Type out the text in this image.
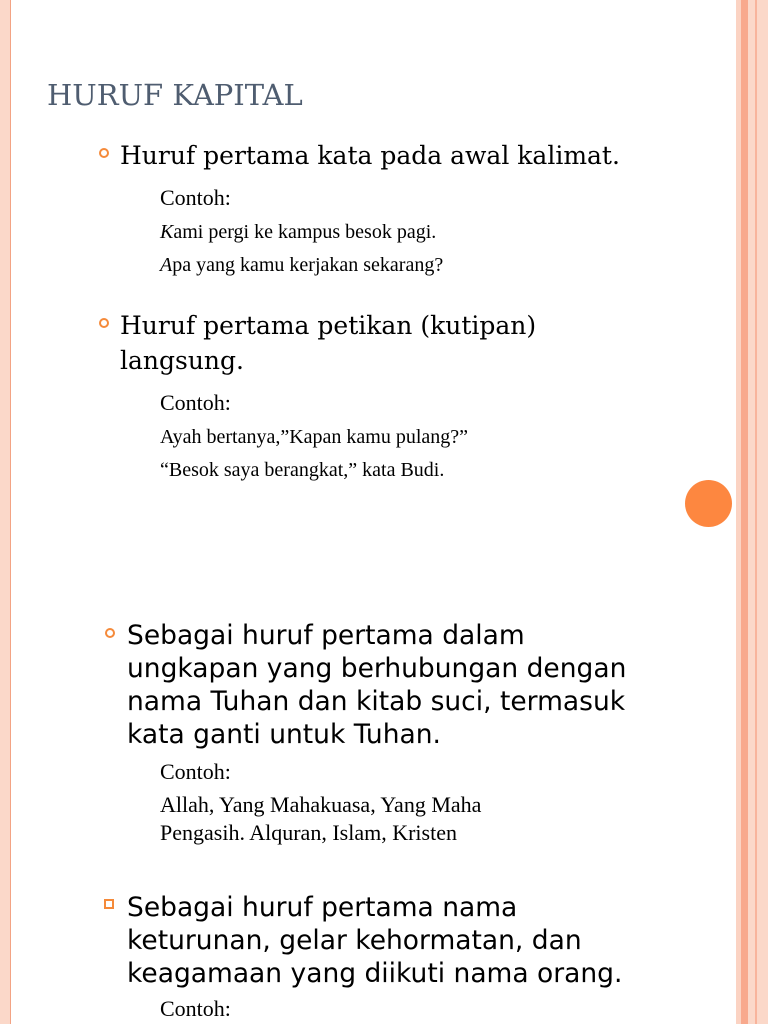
HURUF KAPITAL
Huruf pertama kata pada awal kalimat.
Contoh:
Kami pergi ke kampus besok pagi.
Apa yang kamu kerjakan sekarang?
Huruf pertama petikan (kutipan)
langsung.
Contoh:
Ayah bertanya,”Kapan kamu pulang?”
“Besok saya berangkat,” kata Budi.
Sebagai huruf pertama dalam
ungkapan yang berhubungan dengan
nama Tuhan dan kitab suci, termasuk
kata ganti untuk Tuhan.
Contoh:
Allah, Yang Mahakuasa, Yang Maha
Pengasih. Alquran, Islam, Kristen
Sebagai huruf pertama nama
keturunan, gelar kehormatan, dan
keagamaan yang diikuti nama orang.
Contoh:
